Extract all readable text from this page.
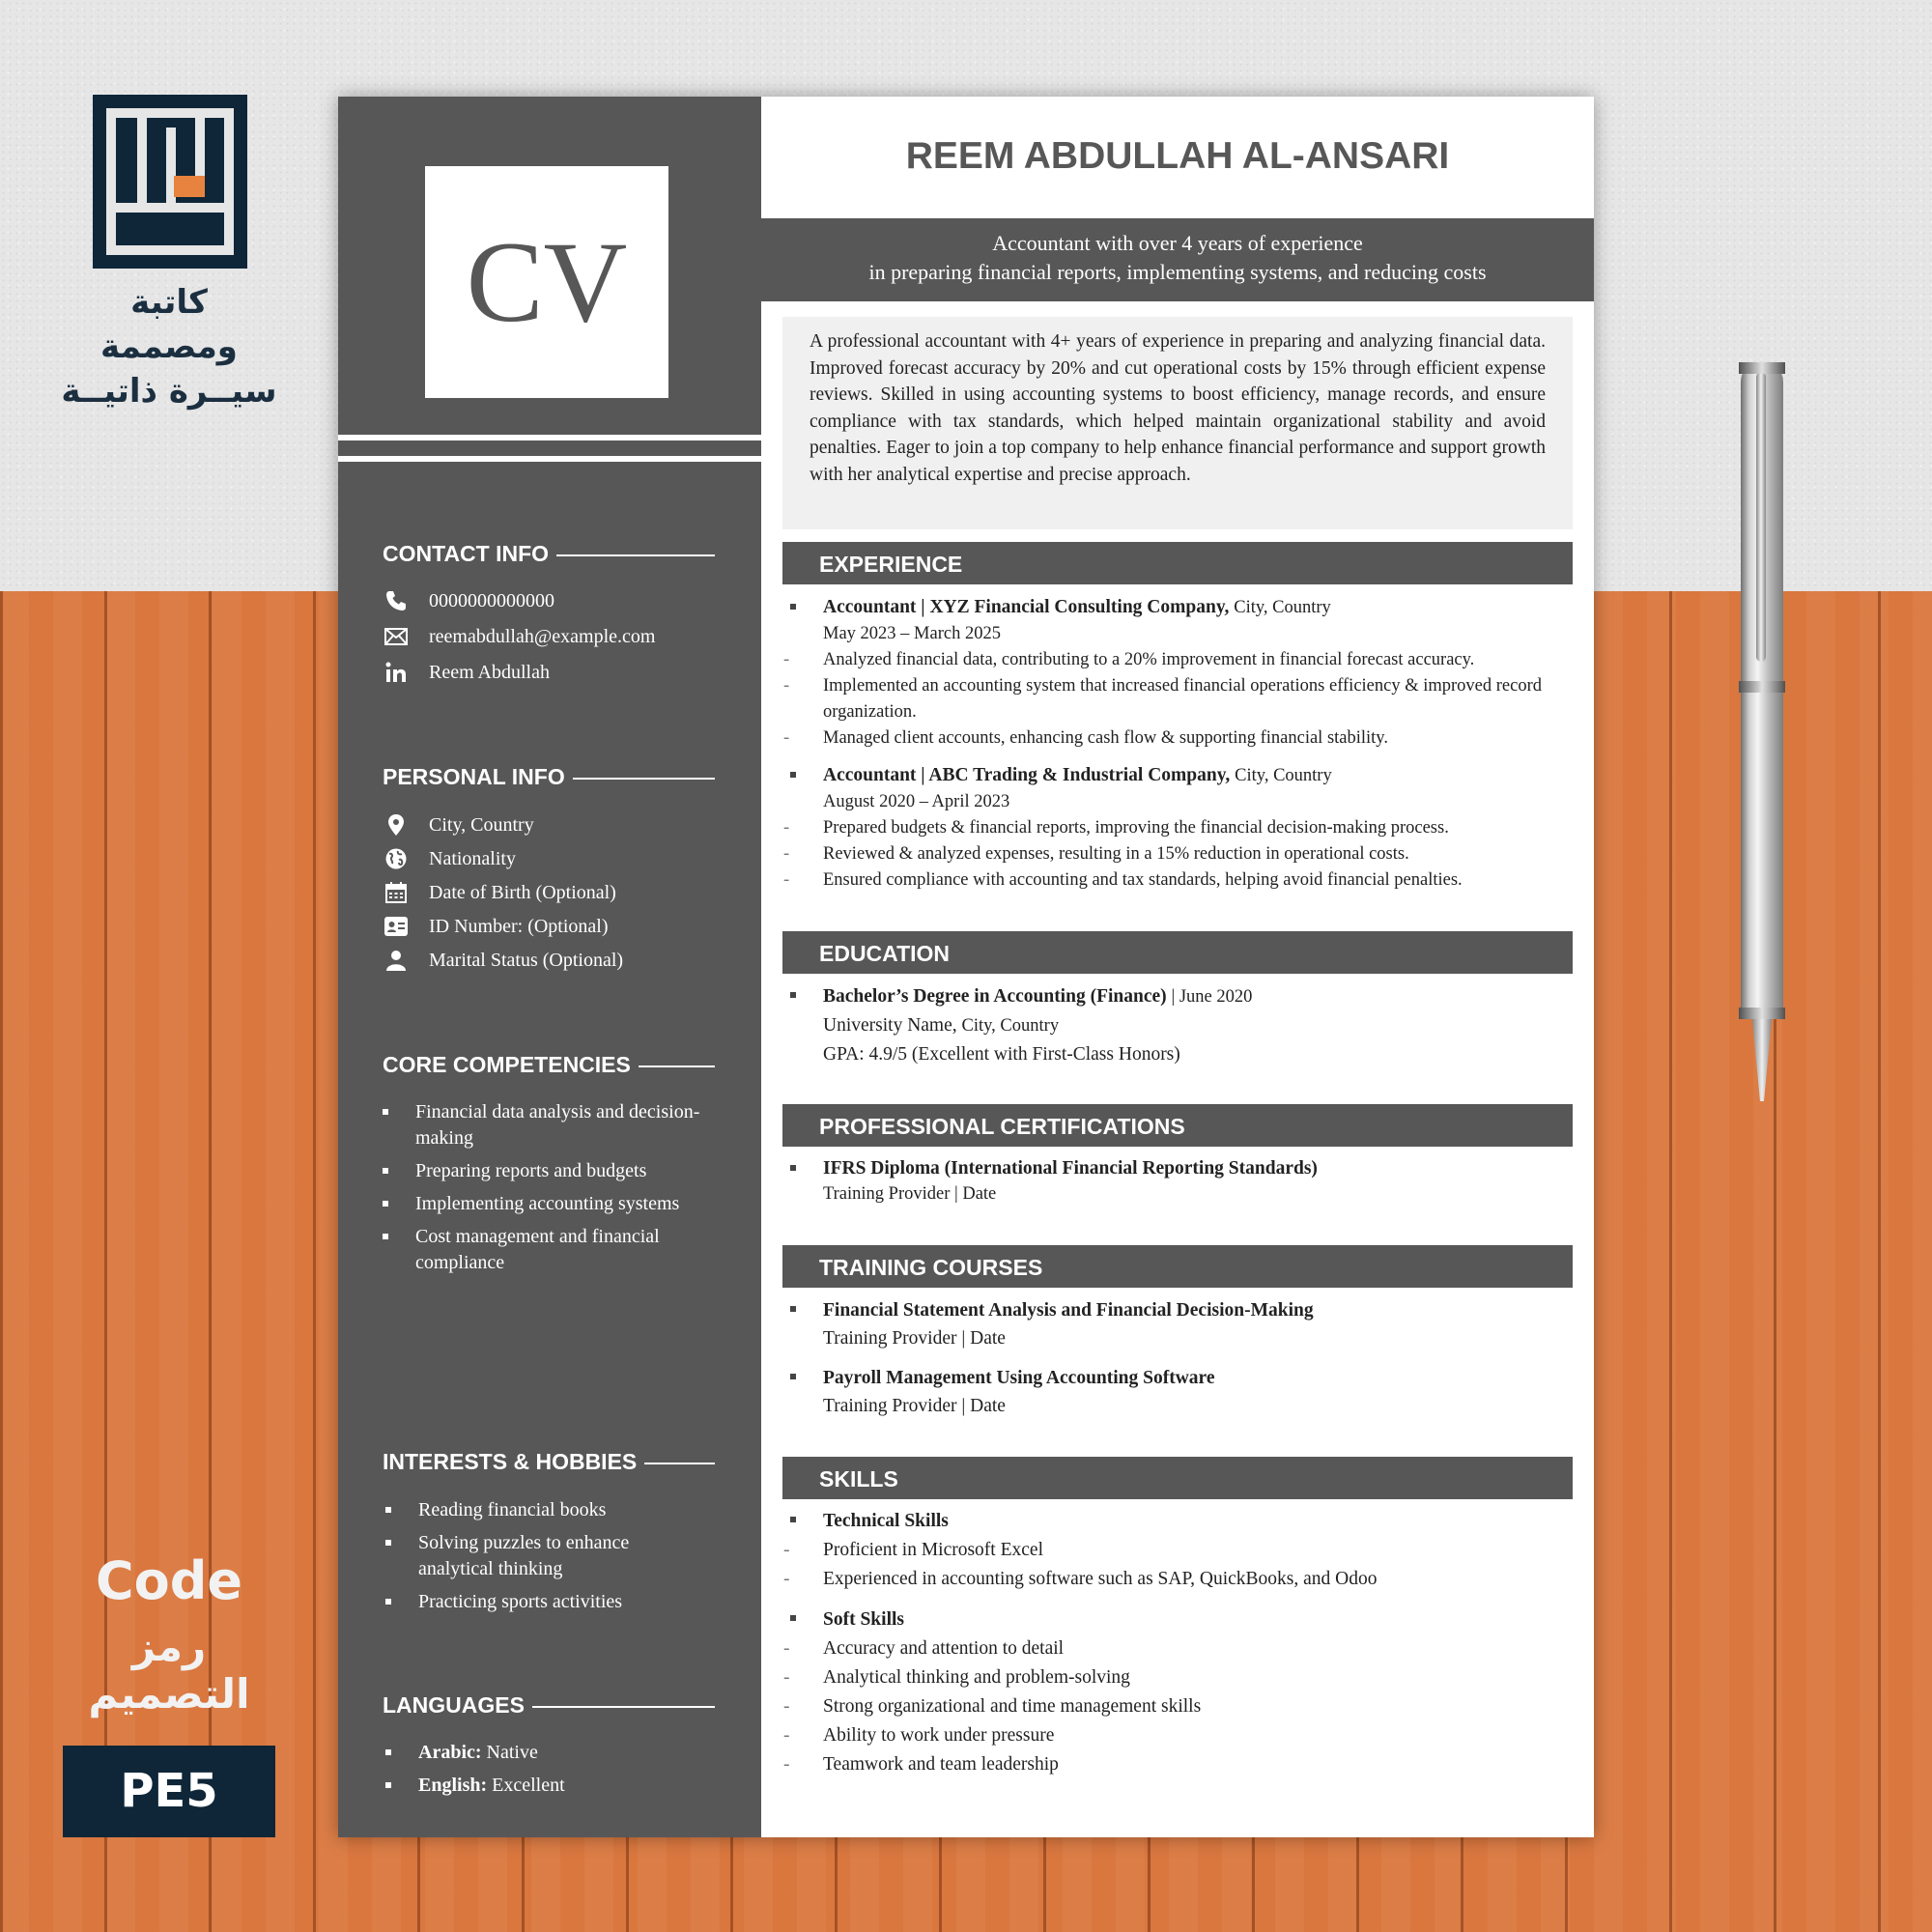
كاتبة ومصممة
سيــرة ذاتيــة
Code
رمز التصميم
PE5
CV
CONTACT INFO
0000000000000
reemabdullah@example.com
Reem Abdullah
PERSONAL INFO
City, Country
Nationality
Date of Birth (Optional)
ID Number: (Optional)
Marital Status (Optional)
CORE COMPETENCIES
Financial data analysis and decision-making
Preparing reports and budgets
Implementing accounting systems
Cost management and financial compliance
INTERESTS & HOBBIES
Reading financial books
Solving puzzles to enhance analytical thinking
Practicing sports activities
LANGUAGES
Arabic: Native
English: Excellent
REEM ABDULLAH AL-ANSARI
Accountant with over 4 years of experience
in preparing financial reports, implementing systems, and reducing costs
A professional accountant with 4+ years of experience in preparing and analyzing financial data. Improved forecast accuracy by 20% and cut operational costs by 15% through efficient expense reviews. Skilled in using accounting systems to boost efficiency, manage records, and ensure compliance with tax standards, which helped maintain organizational stability and avoid penalties. Eager to join a top company to help enhance financial performance and support growth with her analytical expertise and precise approach.
EXPERIENCE
Accountant | XYZ Financial Consulting Company, City, Country
May 2023 – March 2025
- Analyzed financial data, contributing to a 20% improvement in financial forecast accuracy.
- Implemented an accounting system that increased financial operations efficiency & improved record organization.
- Managed client accounts, enhancing cash flow & supporting financial stability.
Accountant | ABC Trading & Industrial Company, City, Country
August 2020 – April 2023
- Prepared budgets & financial reports, improving the financial decision-making process.
- Reviewed & analyzed expenses, resulting in a 15% reduction in operational costs.
- Ensured compliance with accounting and tax standards, helping avoid financial penalties.
EDUCATION
Bachelor’s Degree in Accounting (Finance) | June 2020
University Name, City, Country
GPA: 4.9/5 (Excellent with First-Class Honors)
PROFESSIONAL CERTIFICATIONS
IFRS Diploma (International Financial Reporting Standards)
Training Provider | Date
TRAINING COURSES
Financial Statement Analysis and Financial Decision-Making
Training Provider | Date
Payroll Management Using Accounting Software
Training Provider | Date
SKILLS
Technical Skills
- Proficient in Microsoft Excel
- Experienced in accounting software such as SAP, QuickBooks, and Odoo
Soft Skills
- Accuracy and attention to detail
- Analytical thinking and problem-solving
- Strong organizational and time management skills
- Ability to work under pressure
- Teamwork and team leadership
